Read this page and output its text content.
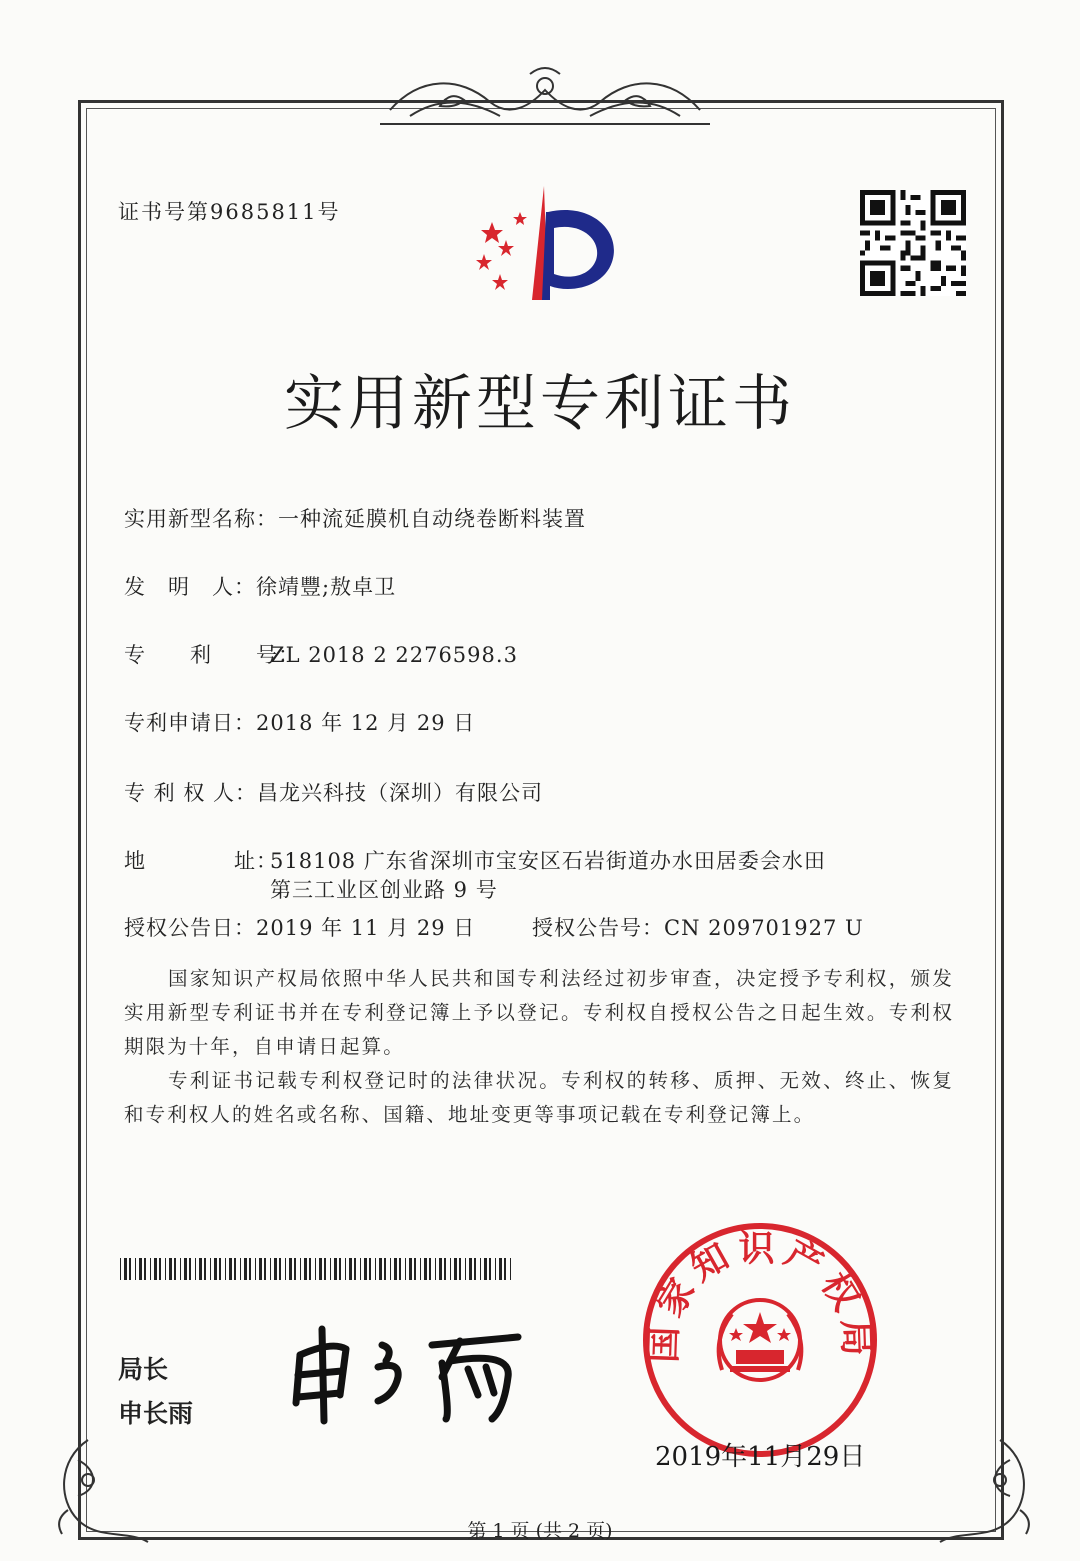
证书号第9685811号
实用新型专利证书
实用新型名称：一种流延膜机自动绕卷断料装置
发　明　人：徐靖豐;敖卓卫
专　　利　　号：ZL 2018 2 2276598.3
专利申请日：2018 年 12 月 29 日
专 利 权 人：昌龙兴科技（深圳）有限公司
地　　　　址：518108 广东省深圳市宝安区石岩街道办水田居委会水田
第三工业区创业路 9 号
授权公告日：2019 年 11 月 29 日	授权公告号：CN 209701927 U
国家知识产权局依照中华人民共和国专利法经过初步审查，决定授予专利权，颁发实用新型专利证书并在专利登记簿上予以登记。专利权自授权公告之日起生效。专利权期限为十年，自申请日起算。
专利证书记载专利权登记时的法律状况。专利权的转移、质押、无效、终止、恢复和专利权人的姓名或名称、国籍、地址变更等事项记载在专利登记簿上。
局长
申长雨
国家知识产权局
2019年11月29日
第 1 页 (共 2 页)
